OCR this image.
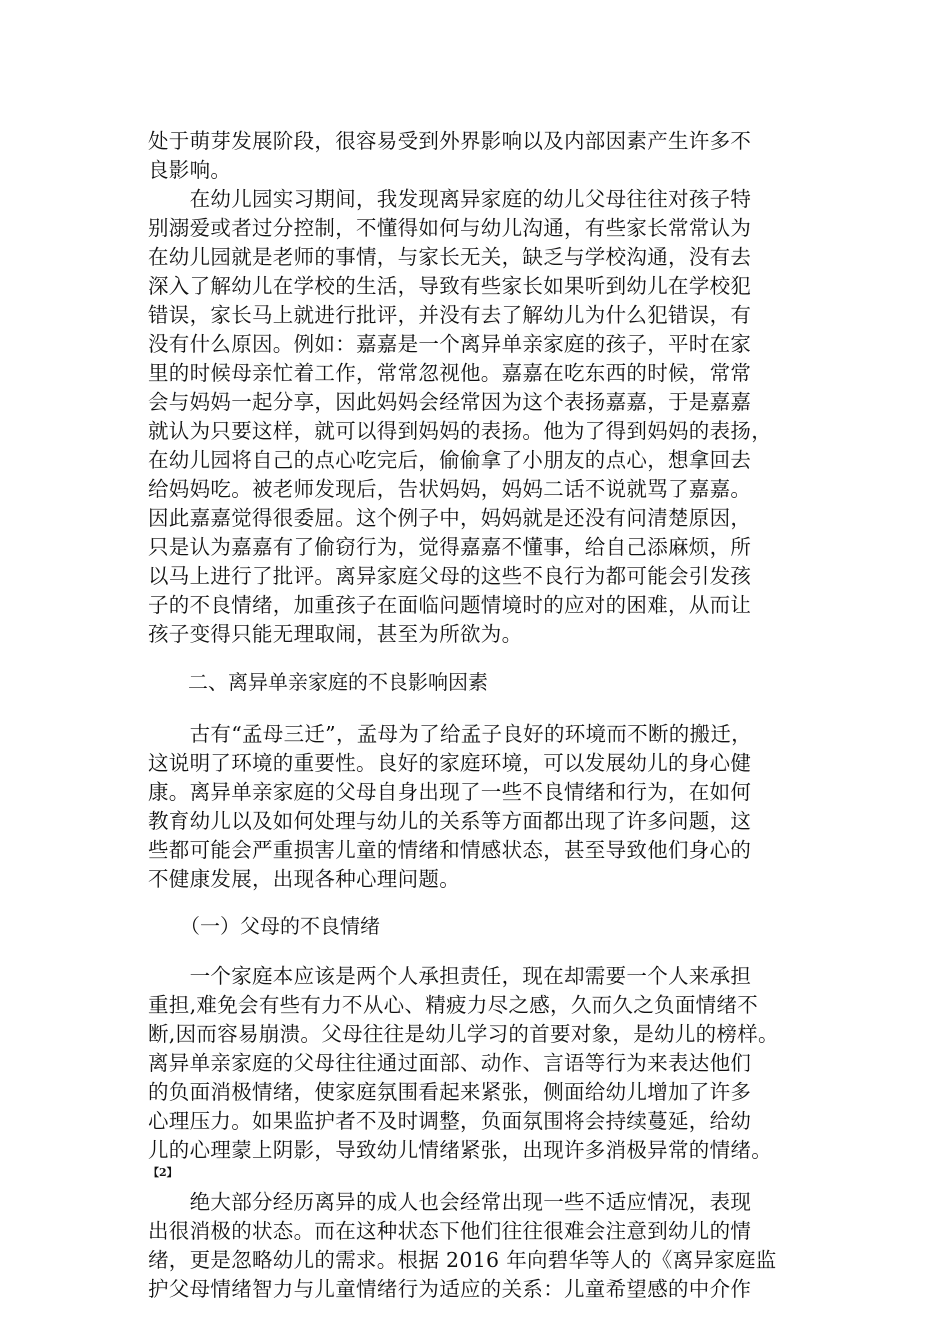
处于萌芽发展阶段，很容易受到外界影响以及内部因素产生许多不
良影响。
　　在幼儿园实习期间，我发现离异家庭的幼儿父母往往对孩子特
别溺爱或者过分控制，不懂得如何与幼儿沟通，有些家长常常认为
在幼儿园就是老师的事情，与家长无关，缺乏与学校沟通，没有去
深入了解幼儿在学校的生活，导致有些家长如果听到幼儿在学校犯
错误，家长马上就进行批评，并没有去了解幼儿为什么犯错误，有
没有什么原因。例如：嘉嘉是一个离异单亲家庭的孩子，平时在家
里的时候母亲忙着工作，常常忽视他。嘉嘉在吃东西的时候，常常
会与妈妈一起分享，因此妈妈会经常因为这个表扬嘉嘉，于是嘉嘉
就认为只要这样，就可以得到妈妈的表扬。他为了得到妈妈的表扬，
在幼儿园将自己的点心吃完后，偷偷拿了小朋友的点心，想拿回去
给妈妈吃。被老师发现后，告状妈妈，妈妈二话不说就骂了嘉嘉。
因此嘉嘉觉得很委屈。这个例子中，妈妈就是还没有问清楚原因，
只是认为嘉嘉有了偷窃行为，觉得嘉嘉不懂事，给自己添麻烦，所
以马上进行了批评。离异家庭父母的这些不良行为都可能会引发孩
子的不良情绪，加重孩子在面临问题情境时的应对的困难，从而让
孩子变得只能无理取闹，甚至为所欲为。
二、离异单亲家庭的不良影响因素
　　古有“孟母三迁”，孟母为了给孟子良好的环境而不断的搬迁，
这说明了环境的重要性。良好的家庭环境，可以发展幼儿的身心健
康。离异单亲家庭的父母自身出现了一些不良情绪和行为，在如何
教育幼儿以及如何处理与幼儿的关系等方面都出现了许多问题，这
些都可能会严重损害儿童的情绪和情感状态，甚至导致他们身心的
不健康发展，出现各种心理问题。
（一）父母的不良情绪
　　一个家庭本应该是两个人承担责任，现在却需要一个人来承担
重担,难免会有些有力不从心、精疲力尽之感，久而久之负面情绪不
断,因而容易崩溃。父母往往是幼儿学习的首要对象，是幼儿的榜样。
离异单亲家庭的父母往往通过面部、动作、言语等行为来表达他们
的负面消极情绪，使家庭氛围看起来紧张，侧面给幼儿增加了许多
心理压力。如果监护者不及时调整，负面氛围将会持续蔓延，给幼
儿的心理蒙上阴影，导致幼儿情绪紧张，出现许多消极异常的情绪。
【2】
　　绝大部分经历离异的成人也会经常出现一些不适应情况，表现
出很消极的状态。而在这种状态下他们往往很难会注意到幼儿的情
绪，更是忽略幼儿的需求。根据 2016 年向碧华等人的《离异家庭监
护父母情绪智力与儿童情绪行为适应的关系：儿童希望感的中介作
